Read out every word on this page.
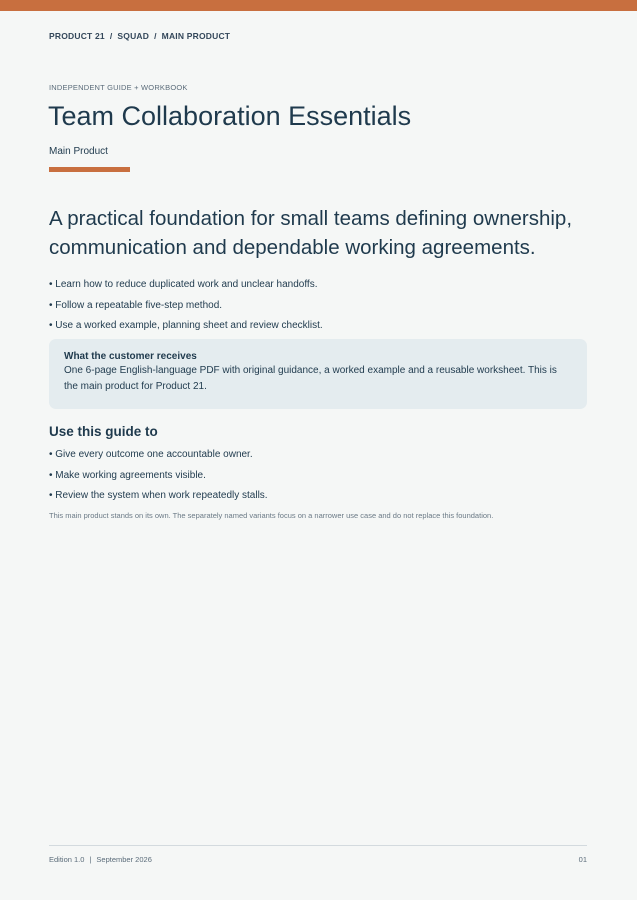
PRODUCT 21 / SQUAD / MAIN PRODUCT
INDEPENDENT GUIDE + WORKBOOK
Team Collaboration Essentials
Main Product

A practical foundation for small teams defining ownership, communication and dependable working agreements.

• Learn how to reduce duplicated work and unclear handoffs.
• Follow a repeatable five-step method.
• Use a worked example, planning sheet and review checklist.
What the customer receives
One 6-page English-language PDF with original guidance, a worked example and a reusable worksheet. This is the main product for Product 21.
Use this guide to
• Give every outcome one accountable owner.
• Make working agreements visible.
• Review the system when work repeatedly stalls.
This main product stands on its own. The separately named variants focus on a narrower use case and do not replace this foundation.
Edition 1.0 | September 2026	01
